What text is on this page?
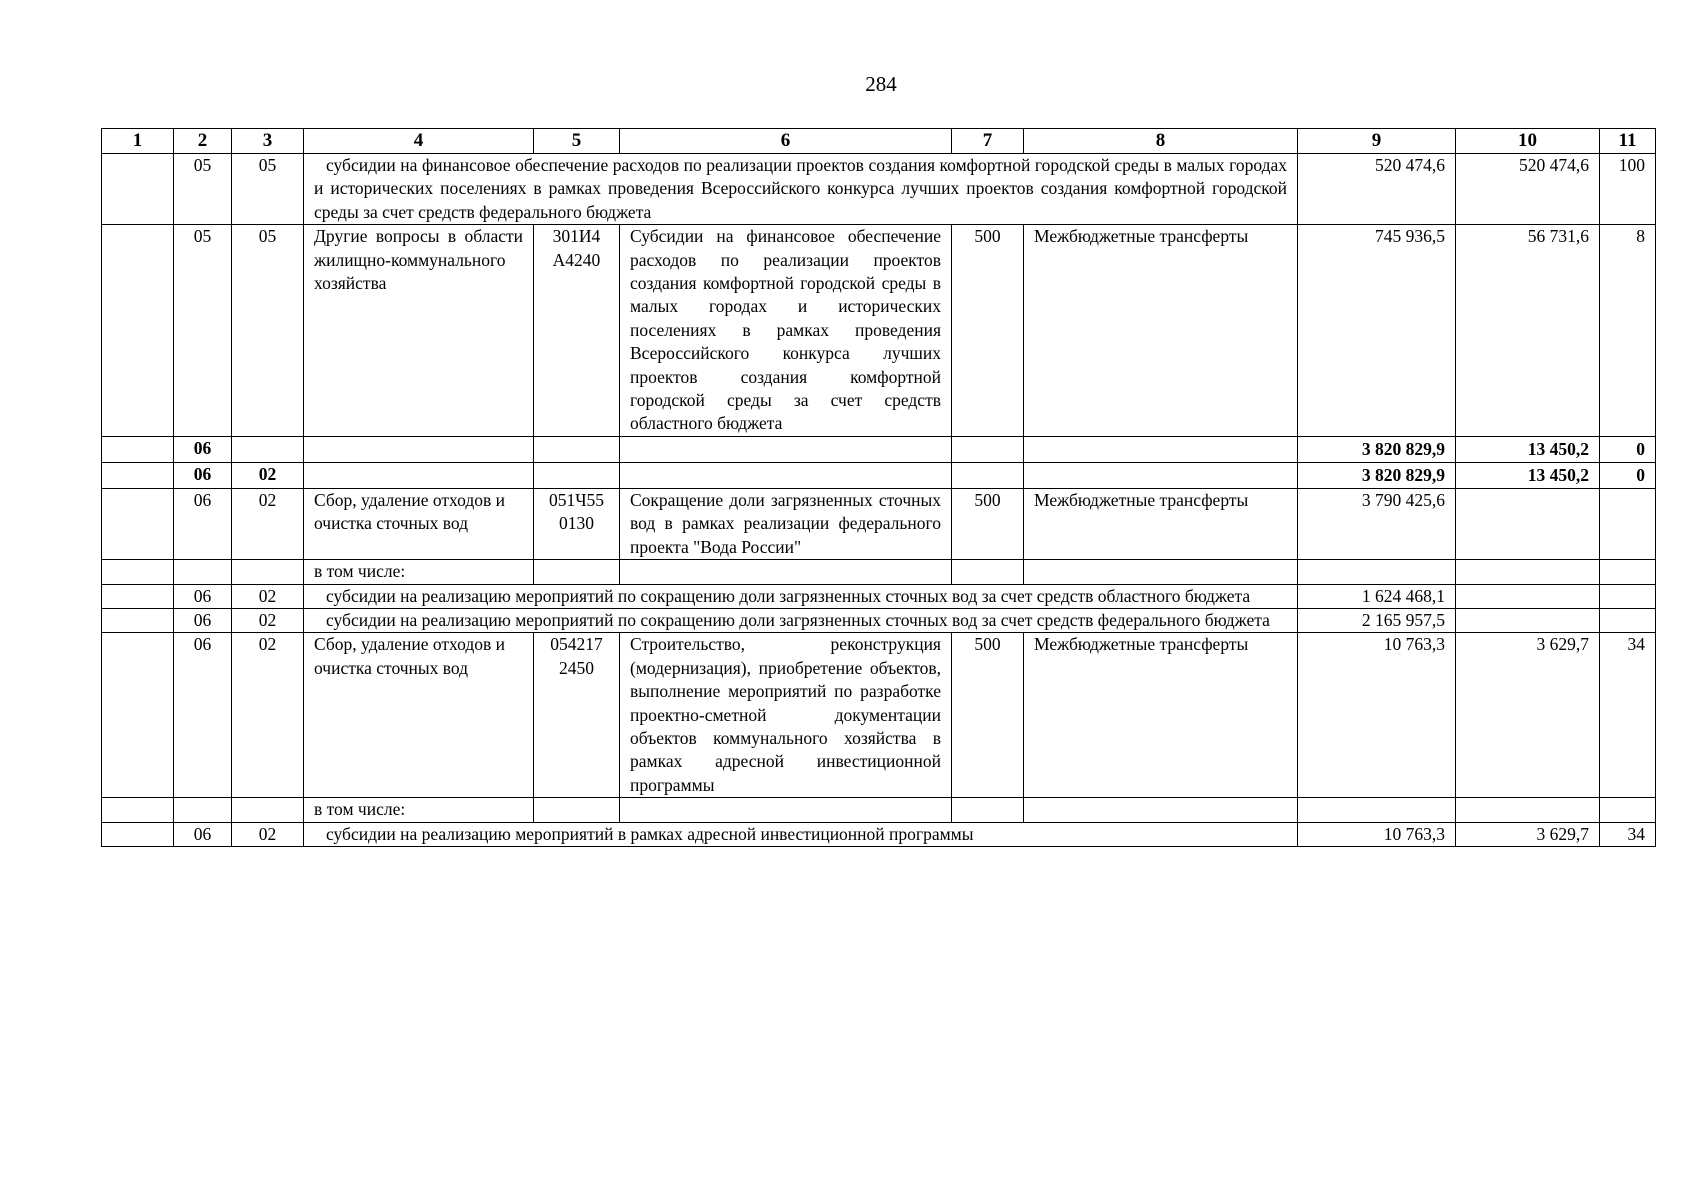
284
1	2	3	4	5	6	7	8	9	10	11
	05	05	субсидии на финансовое обеспечение расходов по реализации проектов создания комфортной городской среды в малых городах и исторических поселениях в рамках проведения Всероссийского конкурса лучших проектов создания комфортной городской среды за счет средств федерального бюджета					520 474,6	520 474,6	100
	05	05	Другие вопросы в области жилищно-коммунального хозяйства	301И4
А4240	Субсидии на финансовое обеспечение расходов по реализации проектов создания комфортной городской среды в малых городах и исторических поселениях в рамках проведения Всероссийского конкурса лучших проектов создания комфортной городской среды за счет средств областного бюджета	500	Межбюджетные трансферты	745 936,5	56 731,6	8
	06							3 820 829,9	13 450,2	0
	06	02						3 820 829,9	13 450,2	0
	06	02	Сбор, удаление отходов и очистка сточных вод	051Ч55
0130	Сокращение доли загрязненных сточных вод в рамках реализации федерального проекта "Вода России"	500	Межбюджетные трансферты	3 790 425,6		
			в том числе:							
	06	02	субсидии на реализацию мероприятий по сокращению доли загрязненных сточных вод за счет средств областного бюджета					1 624 468,1		
	06	02	субсидии на реализацию мероприятий по сокращению доли загрязненных сточных вод за счет средств федерального бюджета					2 165 957,5		
	06	02	Сбор, удаление отходов и очистка сточных вод	054217
2450	Строительство, реконструкция (модернизация), приобретение объектов, выполнение мероприятий по разработке проектно-сметной документации объектов коммунального хозяйства в рамках адресной инвестиционной программы	500	Межбюджетные трансферты	10 763,3	3 629,7	34
			в том числе:							
	06	02	субсидии на реализацию мероприятий в рамках адресной инвестиционной программы					10 763,3	3 629,7	34
